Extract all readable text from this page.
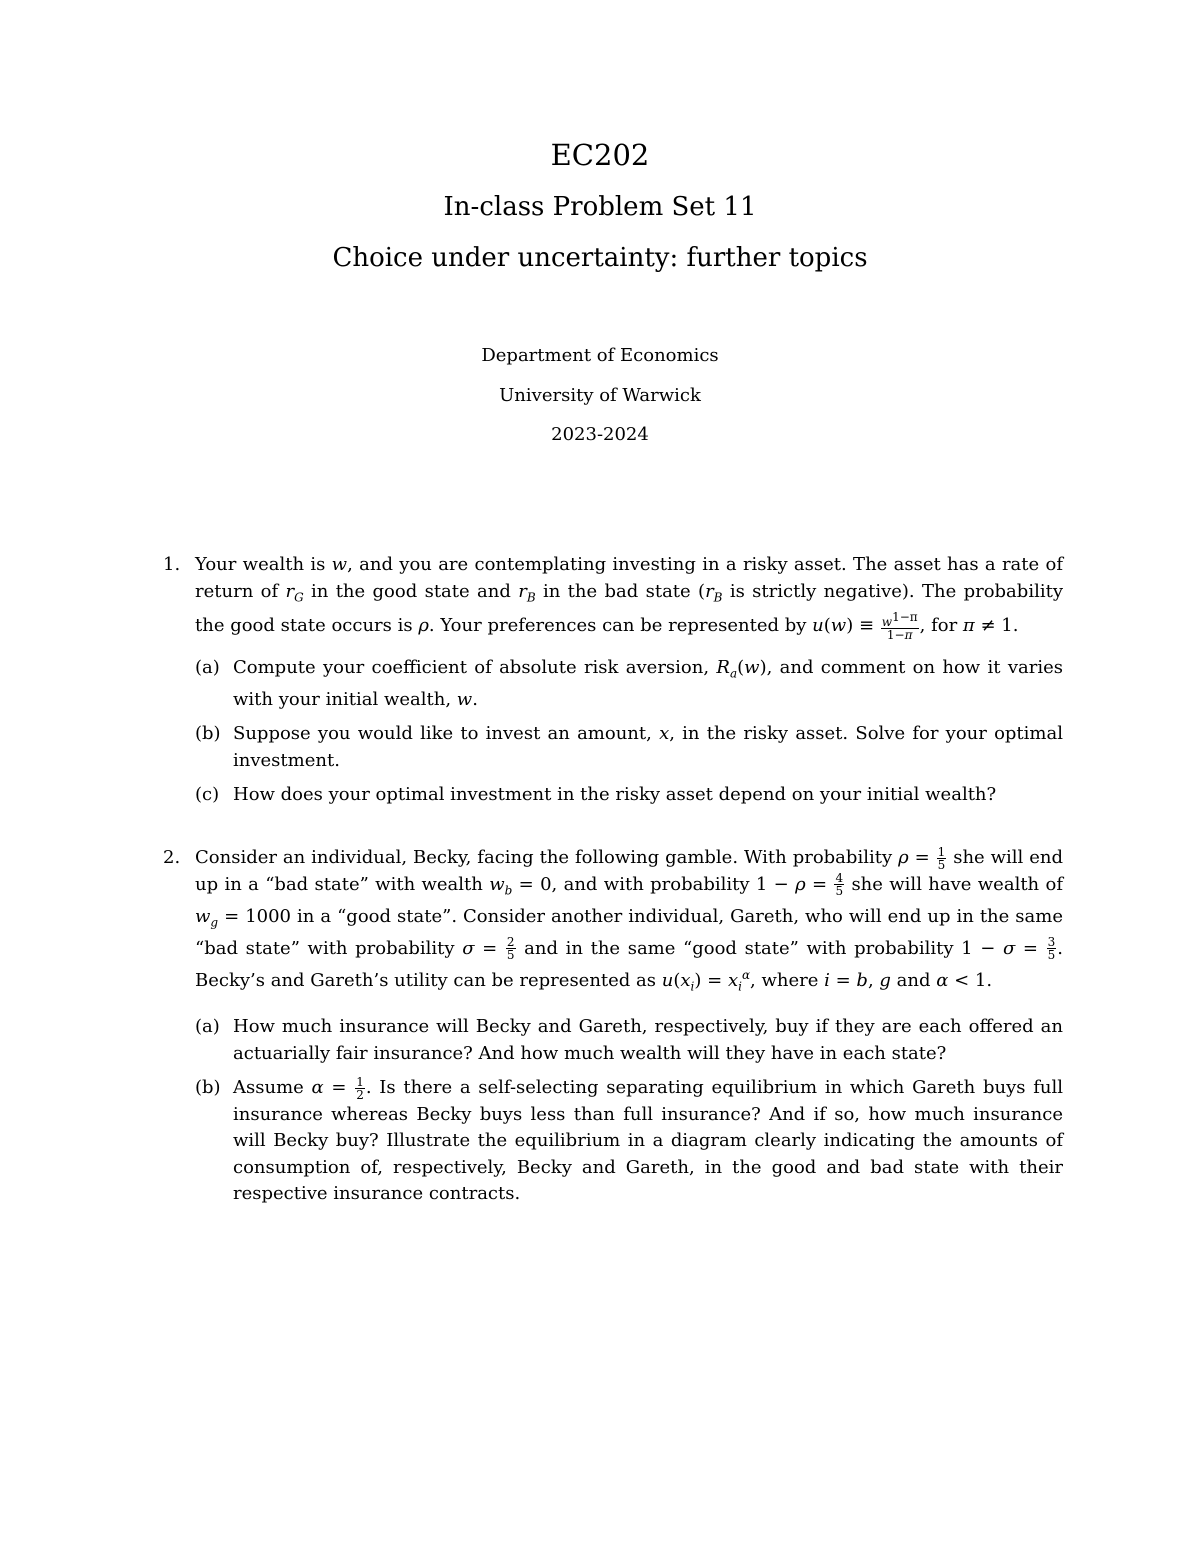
EC202
In-class Problem Set 11
Choice under uncertainty: further topics
Department of Economics
University of Warwick
2023-2024
1. Your wealth is w, and you are contemplating investing in a risky asset. The asset has a rate of return of $r_G$ in the good state and $r_B$ in the bad state ($r_B$ is strictly negative). The probability the good state occurs is ρ. Your preferences can be represented by $u(w) \equiv \frac{w^{1-\pi}}{1-\pi}$ , for π ≠ 1.

(a) Compute your coefficient of absolute risk aversion, $R_a(w)$, and comment on how it varies with your initial wealth, w.

(b) Suppose you would like to invest an amount, x, in the risky asset. Solve for your optimal investment.

(c) How does your optimal investment in the risky asset depend on your initial wealth?

2. Consider an individual, Becky, facing the following gamble. With probability $\rho = \frac{1}{5}$ she will end up in a “bad state” with wealth $w_b = 0$, and with probability $1 - \rho = \frac{4}{5}$ she will have wealth of $w_g = 1000$ in a “good state”. Consider another individual, Gareth, who will end up in the same “bad state” with probability $\sigma = \frac{2}{5}$ and in the same “good state” with probability $1 - \sigma = \frac{3}{5}$ . Becky’s and Gareth’s utility can be represented as $u(x_i) = x_i^\alpha$, where i = b, g and α < 1.

(a) How much insurance will Becky and Gareth, respectively, buy if they are each offered an actuarially fair insurance? And how much wealth will they have in each state?

(b) Assume $\alpha = \frac{1}{2}$ . Is there a self-selecting separating equilibrium in which Gareth buys full insurance whereas Becky buys less than full insurance? And if so, how much insurance will Becky buy? Illustrate the equilibrium in a diagram clearly indicating the amounts of consumption of, respectively, Becky and Gareth, in the good and bad state with their respective insurance contracts.
